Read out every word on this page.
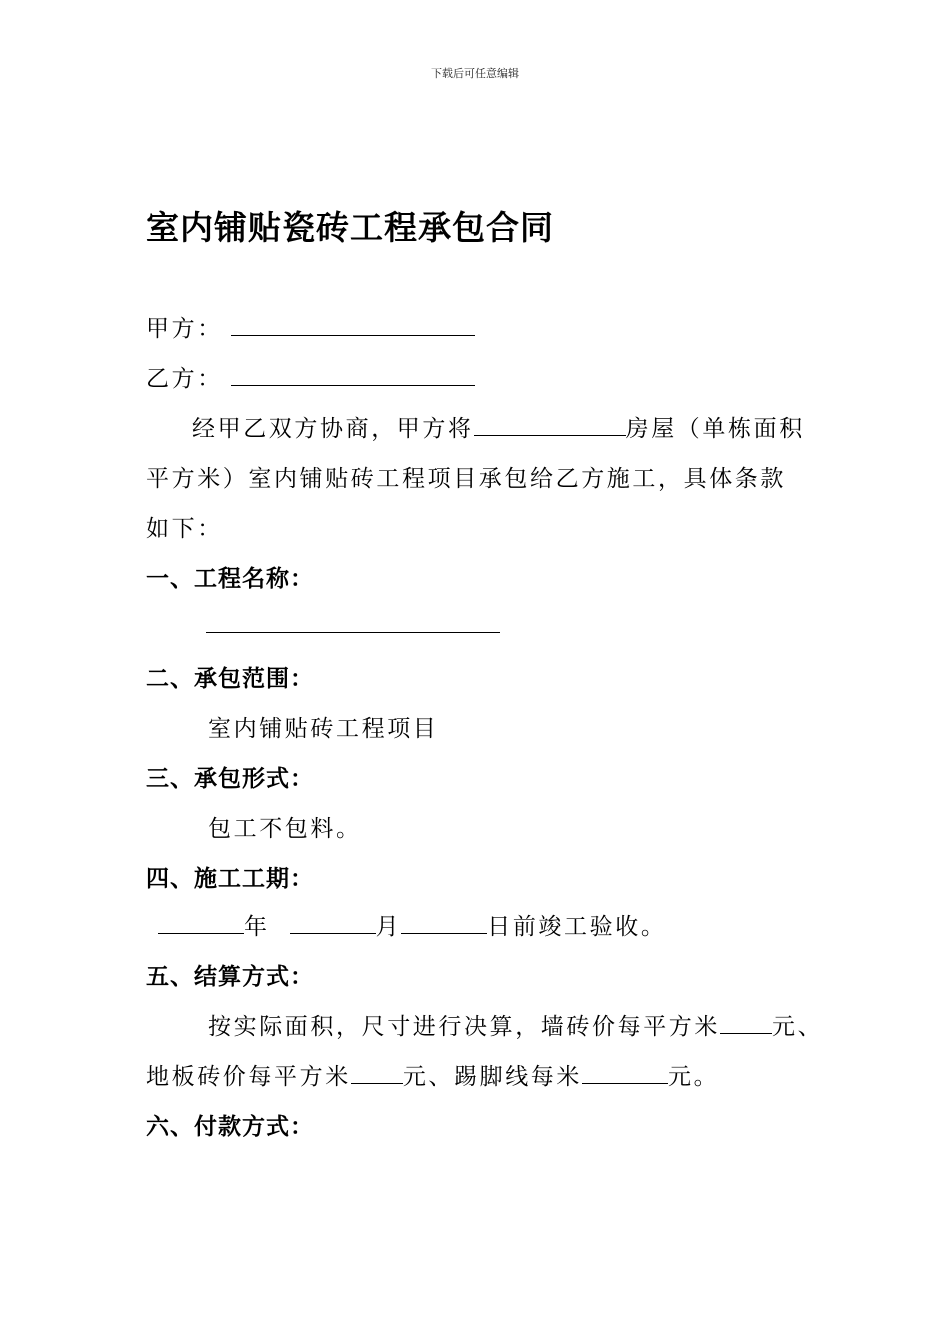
下载后可任意编辑
室内铺贴瓷砖工程承包合同
甲方：
乙方：
经甲乙双方协商，甲方将	房屋（单栋面积
平方米）室内铺贴砖工程项目承包给乙方施工，具体条款
如下：
一、工程名称：
二、承包范围：
室内铺贴砖工程项目
三、承包形式：
包工不包料。
四、施工工期：
年	月	日前竣工验收。
五、结算方式：
按实际面积，尺寸进行决算，墙砖价每平方米 元、
地板砖价每平方米 元、踢脚线每米	元。
六、付款方式：
